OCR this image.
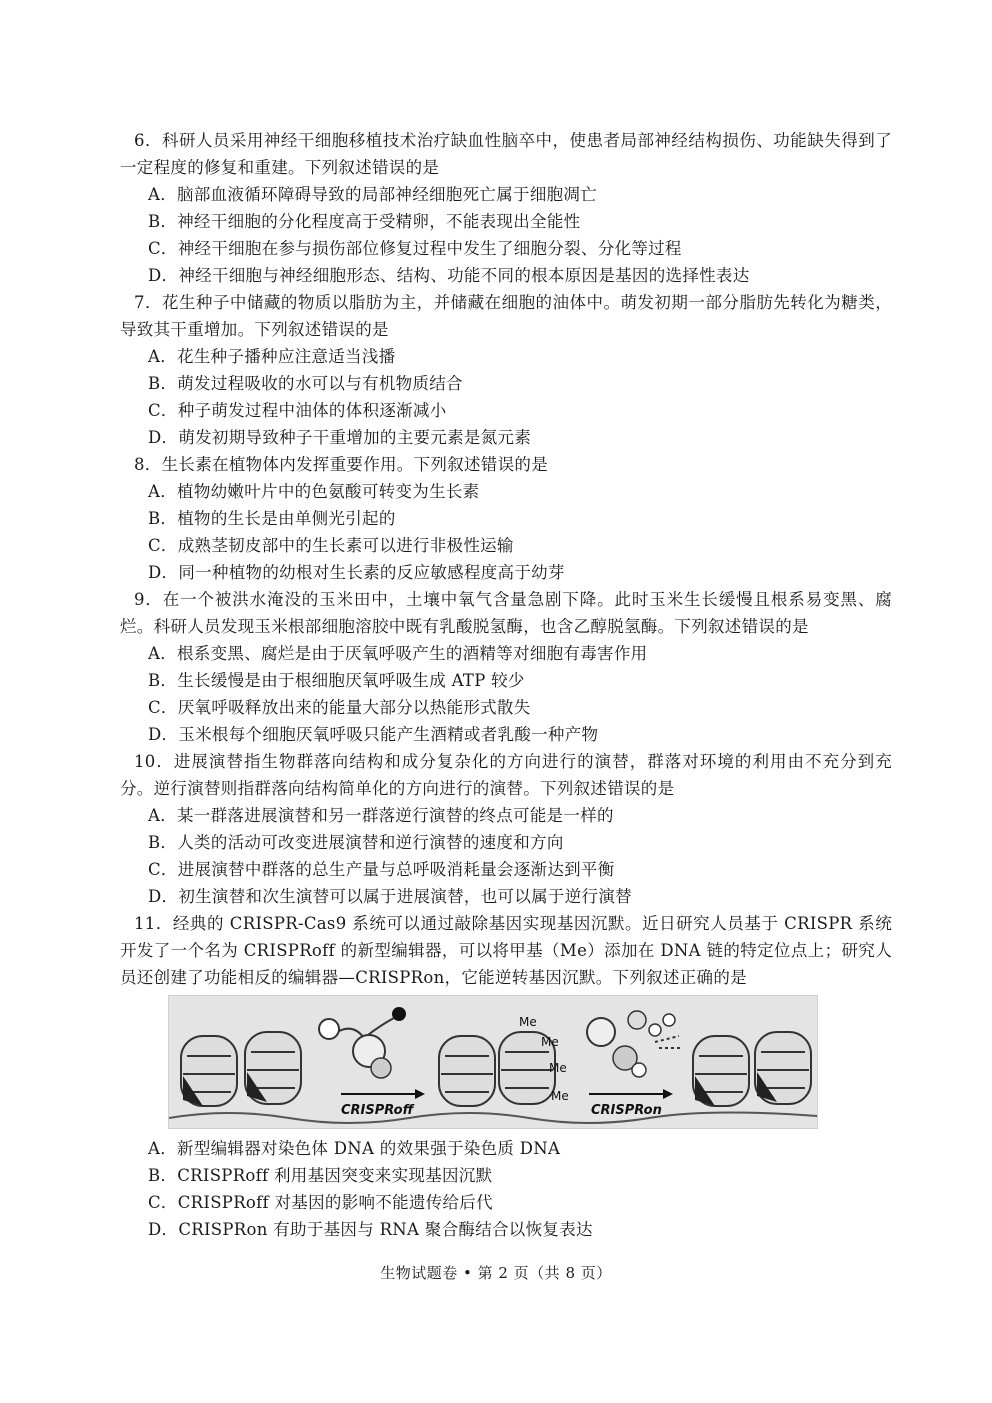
6．科研人员采用神经干细胞移植技术治疗缺血性脑卒中，使患者局部神经结构损伤、功能缺失得到了一定程度的修复和重建。下列叙述错误的是

A．脑部血液循环障碍导致的局部神经细胞死亡属于细胞凋亡

B．神经干细胞的分化程度高于受精卵，不能表现出全能性

C．神经干细胞在参与损伤部位修复过程中发生了细胞分裂、分化等过程

D．神经干细胞与神经细胞形态、结构、功能不同的根本原因是基因的选择性表达

7．花生种子中储藏的物质以脂肪为主，并储藏在细胞的油体中。萌发初期一部分脂肪先转化为糖类，导致其干重增加。下列叙述错误的是

A．花生种子播种应注意适当浅播

B．萌发过程吸收的水可以与有机物质结合

C．种子萌发过程中油体的体积逐渐减小

D．萌发初期导致种子干重增加的主要元素是氮元素

8．生长素在植物体内发挥重要作用。下列叙述错误的是

A．植物幼嫩叶片中的色氨酸可转变为生长素

B．植物的生长是由单侧光引起的

C．成熟茎韧皮部中的生长素可以进行非极性运输

D．同一种植物的幼根对生长素的反应敏感程度高于幼芽

9．在一个被洪水淹没的玉米田中，土壤中氧气含量急剧下降。此时玉米生长缓慢且根系易变黑、腐烂。科研人员发现玉米根部细胞溶胶中既有乳酸脱氢酶，也含乙醇脱氢酶。下列叙述错误的是

A．根系变黑、腐烂是由于厌氧呼吸产生的酒精等对细胞有毒害作用

B．生长缓慢是由于根细胞厌氧呼吸生成 ATP 较少

C．厌氧呼吸释放出来的能量大部分以热能形式散失

D．玉米根每个细胞厌氧呼吸只能产生酒精或者乳酸一种产物

10．进展演替指生物群落向结构和成分复杂化的方向进行的演替，群落对环境的利用由不充分到充分。逆行演替则指群落向结构简单化的方向进行的演替。下列叙述错误的是

A．某一群落进展演替和另一群落逆行演替的终点可能是一样的

B．人类的活动可改变进展演替和逆行演替的速度和方向

C．进展演替中群落的总生产量与总呼吸消耗量会逐渐达到平衡

D．初生演替和次生演替可以属于进展演替，也可以属于逆行演替

11．经典的 CRISPR-Cas9 系统可以通过敲除基因实现基因沉默。近日研究人员基于 CRISPR 系统开发了一个名为 CRISPRoff 的新型编辑器，可以将甲基（Me）添加在 DNA 链的特定位点上；研究人员还创建了功能相反的编辑器—CRISPRon，它能逆转基因沉默。下列叙述正确的是

CRISPRoff
Me
Me
Me
Me
CRISPRon

A．新型编辑器对染色体 DNA 的效果强于染色质 DNA

B．CRISPRoff 利用基因突变来实现基因沉默

C．CRISPRoff 对基因的影响不能遗传给后代

D．CRISPRon 有助于基因与 RNA 聚合酶结合以恢复表达

生物试题卷 • 第 2 页（共 8 页）
